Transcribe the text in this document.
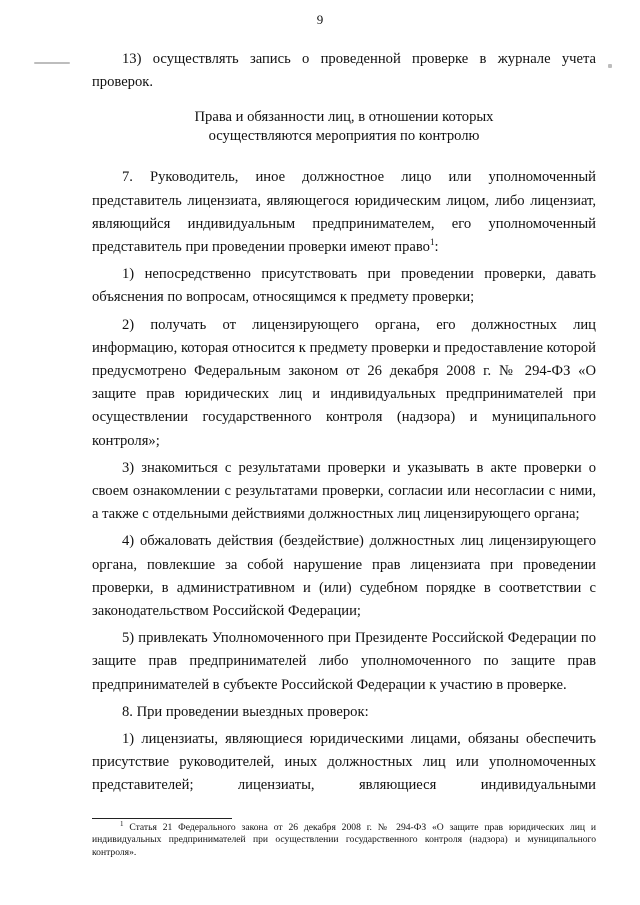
9

13) осуществлять запись о проведенной проверке в журнале учета проверок.

Права и обязанности лиц, в отношении которых
осуществляются мероприятия по контролю

7. Руководитель, иное должностное лицо или уполномоченный представитель лицензиата, являющегося юридическим лицом, либо лицензиат, являющийся индивидуальным предпринимателем, его уполномоченный представитель при проведении проверки имеют право$^1$:

1) непосредственно присутствовать при проведении проверки, давать объяснения по вопросам, относящимся к предмету проверки;

2) получать от лицензирующего органа, его должностных лиц информацию, которая относится к предмету проверки и предоставление которой предусмотрено Федеральным законом от 26 декабря 2008 г. № 294-ФЗ «О защите прав юридических лиц и индивидуальных предпринимателей при осуществлении государственного контроля (надзора) и муниципального контроля»;

3) знакомиться с результатами проверки и указывать в акте проверки о своем ознакомлении с результатами проверки, согласии или несогласии с ними, а также с отдельными действиями должностных лиц лицензирующего органа;

4) обжаловать действия (бездействие) должностных лиц лицензирующего органа, повлекшие за собой нарушение прав лицензиата при проведении проверки, в административном и (или) судебном порядке в соответствии с законодательством Российской Федерации;

5) привлекать Уполномоченного при Президенте Российской Федерации по защите прав предпринимателей либо уполномоченного по защите прав предпринимателей в субъекте Российской Федерации к участию в проверке.

8. При проведении выездных проверок:

1) лицензиаты, являющиеся юридическими лицами, обязаны обеспечить присутствие руководителей, иных должностных лиц или уполномоченных представителей; лицензиаты, являющиеся индивидуальными

$^1$ Статья 21 Федерального закона от 26 декабря 2008 г. № 294-ФЗ «О защите прав юридических лиц и индивидуальных предпринимателей при осуществлении государственного контроля (надзора) и муниципального контроля».
